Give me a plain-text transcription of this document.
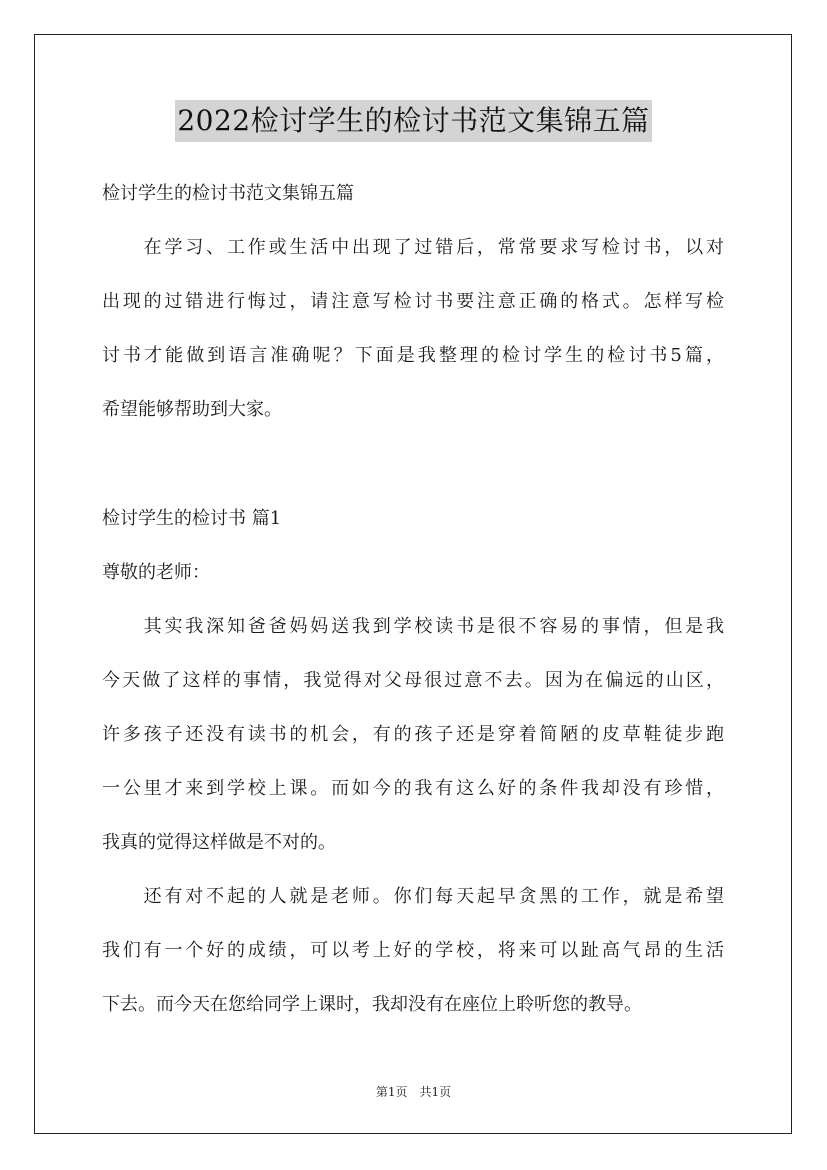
2022检讨学生的检讨书范文集锦五篇
检讨学生的检讨书范文集锦五篇
　　在学习、工作或生活中出现了过错后，常常要求写检讨书，以对
出现的过错进行悔过，请注意写检讨书要注意正确的格式。怎样写检
讨书才能做到语言准确呢？下面是我整理的检讨学生的检讨书5篇，
希望能够帮助到大家。
检讨学生的检讨书 篇1
尊敬的老师：
　　其实我深知爸爸妈妈送我到学校读书是很不容易的事情，但是我
今天做了这样的事情，我觉得对父母很过意不去。因为在偏远的山区，
许多孩子还没有读书的机会，有的孩子还是穿着简陋的皮草鞋徒步跑
一公里才来到学校上课。而如今的我有这么好的条件我却没有珍惜，
我真的觉得这样做是不对的。
　　还有对不起的人就是老师。你们每天起早贪黑的工作，就是希望
我们有一个好的成绩，可以考上好的学校，将来可以趾高气昂的生活
下去。而今天在您给同学上课时，我却没有在座位上聆听您的教导。
第1页　共1页
